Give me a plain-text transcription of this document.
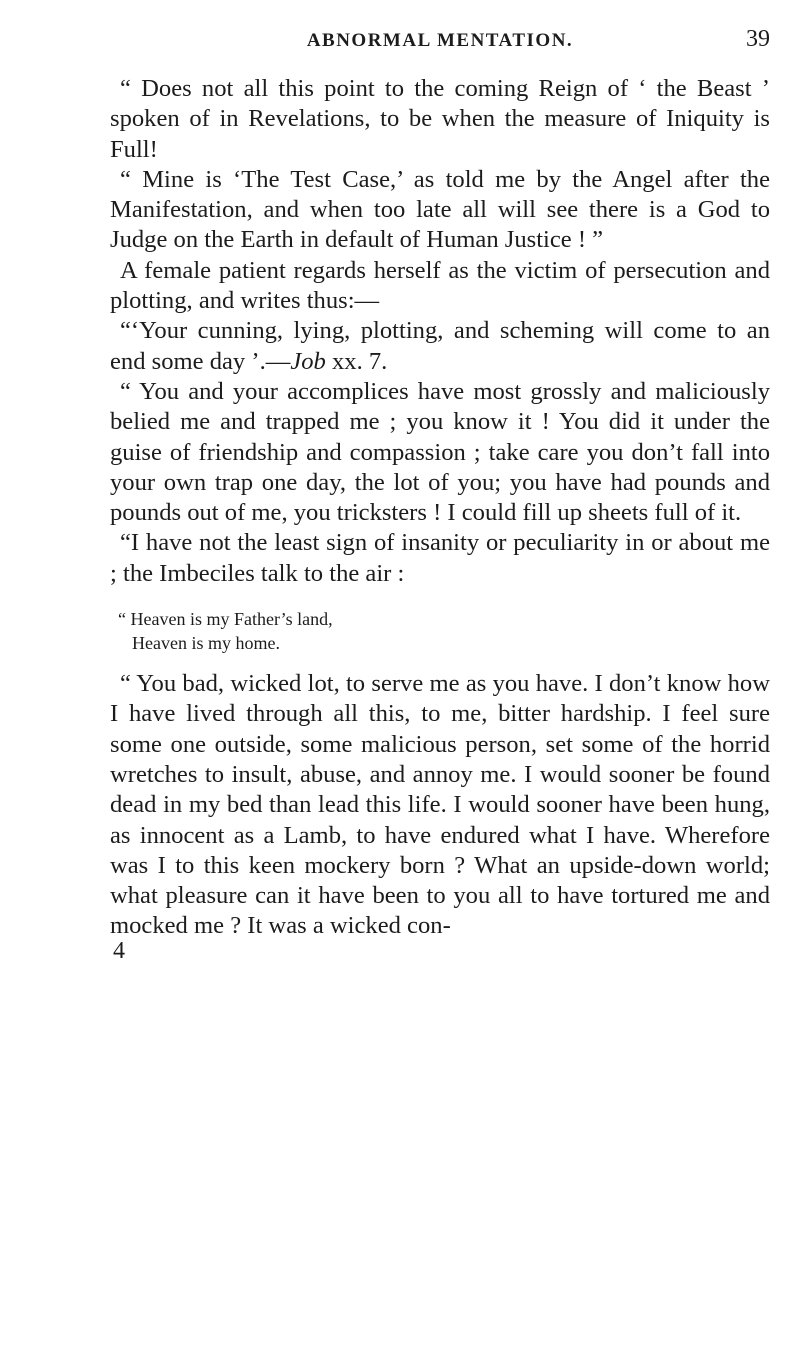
ABNORMAL MENTATION.	39

“ Does not all this point to the coming Reign of ‘ the Beast ’ spoken of in Revelations, to be when the measure of Iniquity is Full!

“ Mine is ‘The Test Case,’ as told me by the Angel after the Manifestation, and when too late all will see there is a God to Judge on the Earth in default of Human Justice ! ”

A female patient regards herself as the victim of persecution and plotting, and writes thus:—

“‘Your cunning, lying, plotting, and scheming will come to an end some day ’.—Job xx. 7.

“ You and your accomplices have most grossly and maliciously belied me and trapped me ; you know it ! You did it under the guise of friendship and compassion ; take care you don’t fall into your own trap one day, the lot of you; you have had pounds and pounds out of me, you tricksters ! I could fill up sheets full of it.

“I have not the least sign of insanity or peculiarity in or about me ; the Imbeciles talk to the air :

“ Heaven is my Father’s land,
Heaven is my home.

“ You bad, wicked lot, to serve me as you have. I don’t know how I have lived through all this, to me, bitter hardship. I feel sure some one outside, some malicious person, set some of the horrid wretches to insult, abuse, and annoy me. I would sooner be found dead in my bed than lead this life. I would sooner have been hung, as innocent as a Lamb, to have endured what I have. Wherefore was I to this keen mockery born ? What an upside-down world; what pleasure can it have been to you all to have tortured me and mocked me ? It was a wicked con-

4
